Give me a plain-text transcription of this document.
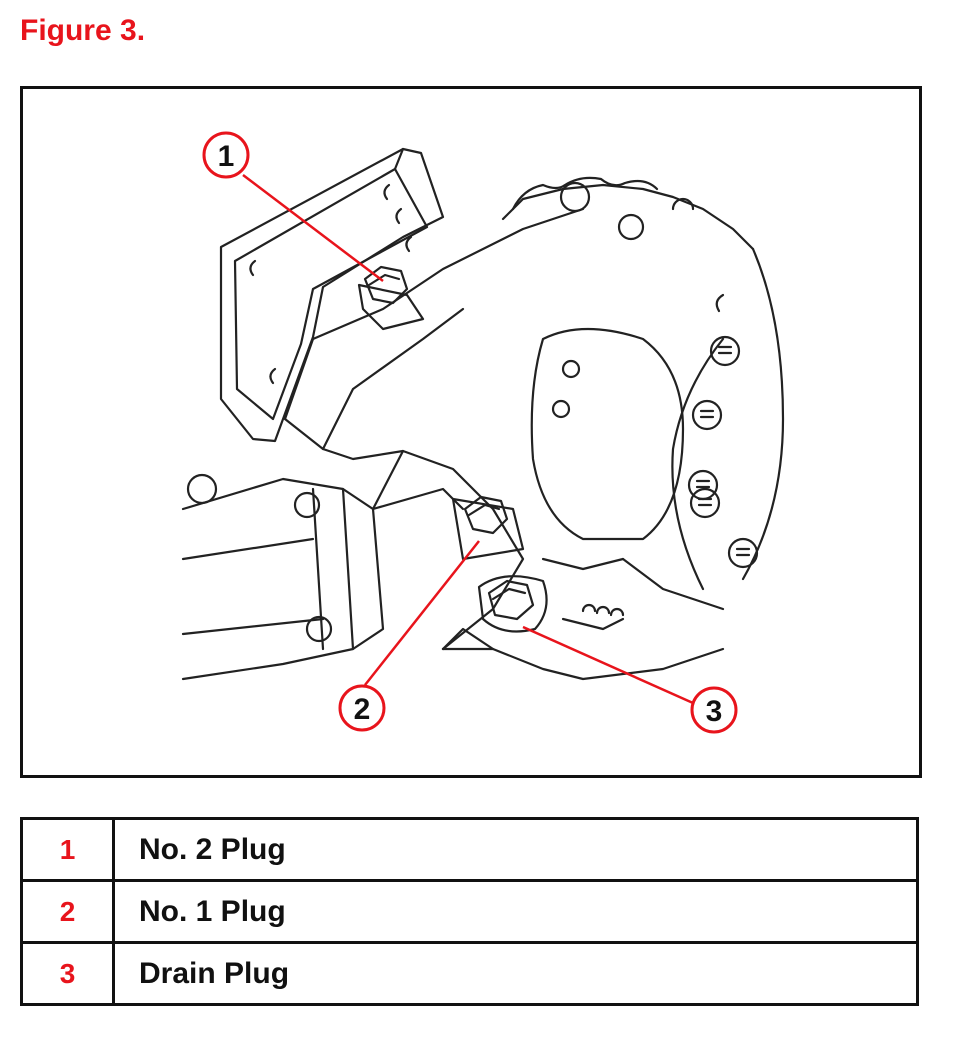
Figure 3.
1
2	3
1	No. 2 Plug
2	No. 1 Plug
3	Drain Plug
